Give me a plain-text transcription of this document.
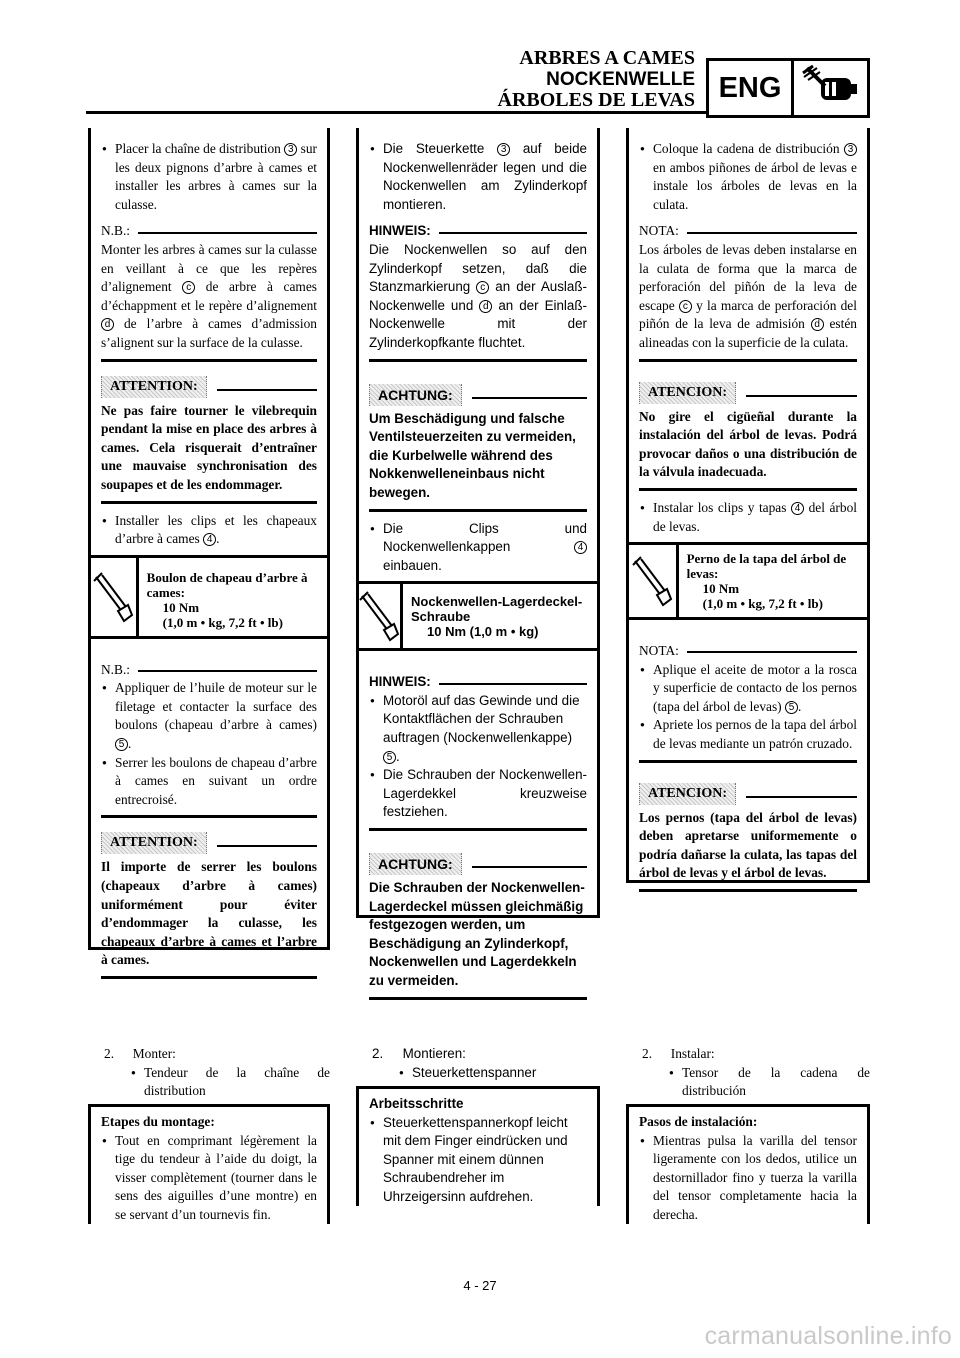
ARBRES A CAMES
NOCKENWELLE
ÁRBOLES DE LEVAS ENG
● Placer la chaîne de distribution 3 sur les deux pignons d’arbre à cames et installer les arbres à cames sur la culasse.
N.B.:
Monter les arbres à cames sur la culasse en veillant à ce que les repères d’alignement c de arbre à cames d’échappment et le repère d’alignement d de l’arbre à cames d’admission s’alignent sur la surface de la culasse.
ATTENTION:
Ne pas faire tourner le vilebrequin pendant la mise en place des arbres à cames. Cela risquerait d’entraîner une mauvaise synchronisation des soupapes et de les endommager.
● Installer les clips et les chapeaux d’arbre à cames 4 .
Boulon de chapeau d’arbre à cames:
10 Nm
(1,0 m • kg, 7,2 ft • lb)
N.B.:
● Appliquer de l’huile de moteur sur le filetage et contacter la surface des boulons (chapeau d’arbre à cames) 5 .
● Serrer les boulons de chapeau d’arbre à cames en suivant un ordre entrecroisé.
ATTENTION:
Il importe de serrer les boulons (chapeaux d’arbre à cames) uniformément pour éviter d’endommager la culasse, les chapeaux d’arbre à cames et l’arbre à cames.
● Die Steuerkette 3 auf beide Nockenwellenräder legen und die Nockenwellen am Zylinderkopf montieren.
HINWEIS:
Die Nockenwellen so auf den Zylinderkopf setzen, daß die Stanzmarkierung c an der Auslaß-Nockenwelle und d an der Einlaß-Nockenwelle mit der Zylinderkopfkante fluchtet.
ACHTUNG:
Um Beschädigung und falsche Ventilsteuerzeiten zu vermeiden, die Kurbelwelle während des Nokkenwelleneinbaus nicht bewegen.
● Die Clips und Nockenwellenkappen	4 einbauen.
Nockenwellen-Lagerdeckel-Schraube
10 Nm (1,0 m • kg)
HINWEIS:
● Motoröl auf das Gewinde und die Kontaktflächen der Schrauben auftragen (Nockenwellenkappe) 5 .
● Die Schrauben der Nockenwellen-Lagerdekkel kreuzweise festziehen.
ACHTUNG:
Die Schrauben der Nockenwellen-Lagerdeckel müssen gleichmäßig festgezogen werden, um Beschädigung an Zylinderkopf, Nockenwellen und Lagerdekkeln zu vermeiden.
● Coloque la cadena de distribución 3 en ambos piñones de árbol de levas e instale los árboles de levas en la culata.
NOTA:
Los árboles de levas deben instalarse en la culata de forma que la marca de perforación del piñón de la leva de escape c y la marca de perforación del piñón de la leva de admisión d estén alineadas con la superficie de la culata.
ATENCION:
No gire el cigüeñal durante la instalación del árbol de levas. Podrá provocar daños o una distribución de la válvula inadecuada.
● Instalar los clips y tapas 4 del árbol de levas.
Perno de la tapa del árbol de levas:
10 Nm
(1,0 m • kg, 7,2 ft • lb)
NOTA:
● Aplique el aceite de motor a la rosca y superficie de contacto de los pernos (tapa del árbol de levas) 5 .
● Apriete los pernos de la tapa del árbol de levas mediante un patrón cruzado.
ATENCION:
Los pernos (tapa del árbol de levas) deben apretarse uniformemente o podría dañarse la culata, las tapas del árbol de levas y el árbol de levas.
2. Monter:
● Tendeur de la chaîne de distribution
Etapes du montage:
● Tout en comprimant légèrement la tige du tendeur à l’aide du doigt, la visser complètement (tourner dans le sens des aiguilles d’une montre) en se servant d’un tournevis fin.
2. Montieren:
● Steuerkettenspanner
Arbeitsschritte
● Steuerkettenspannerkopf leicht mit dem Finger eindrücken und Spanner mit einem dünnen Schraubendreher im Uhrzeigersinn aufdrehen.
2. Instalar:
● Tensor de la cadena de distribución
Pasos de instalación:
● Mientras pulsa la varilla del tensor ligeramente con los dedos, utilice un destornillador fino y tuerza la varilla del tensor completamente hacia la derecha.
4 - 27
carmanualsonline.info
